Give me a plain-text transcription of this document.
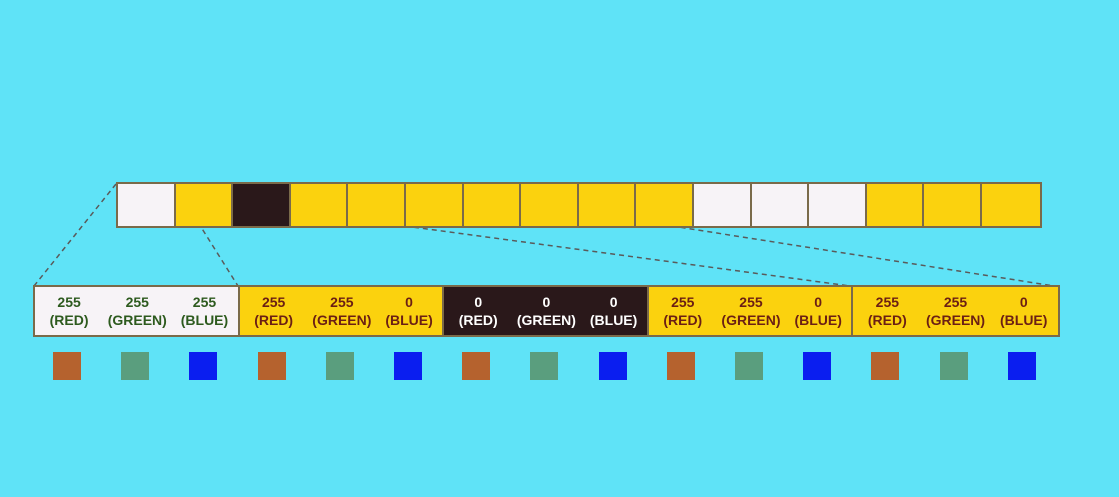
255
(RED)
255
(GREEN)
255
(BLUE)
255
(RED)
255
(GREEN)
0
(BLUE)
0
(RED)
0
(GREEN)
0
(BLUE)
255
(RED)
255
(GREEN)
0
(BLUE)
255
(RED)
255
(GREEN)
0
(BLUE)
